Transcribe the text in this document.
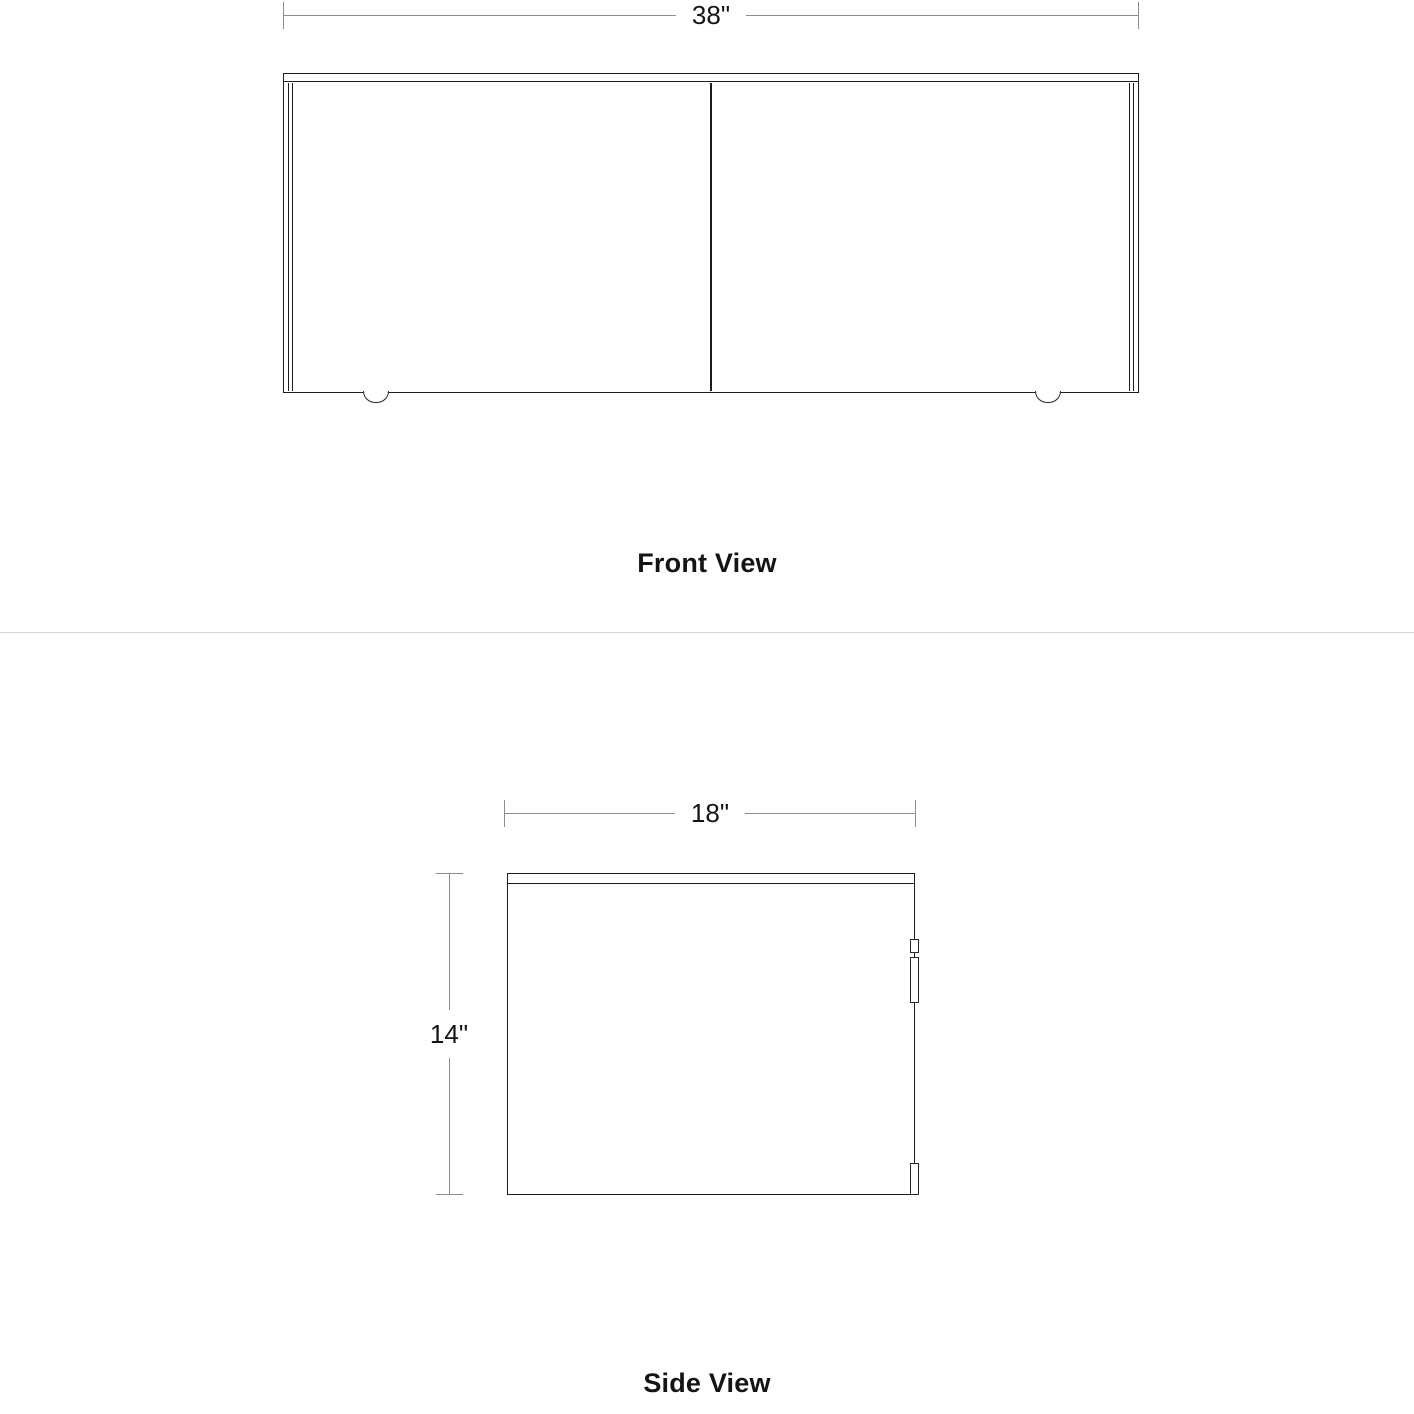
38"
Front View
18"
14"
Side View
